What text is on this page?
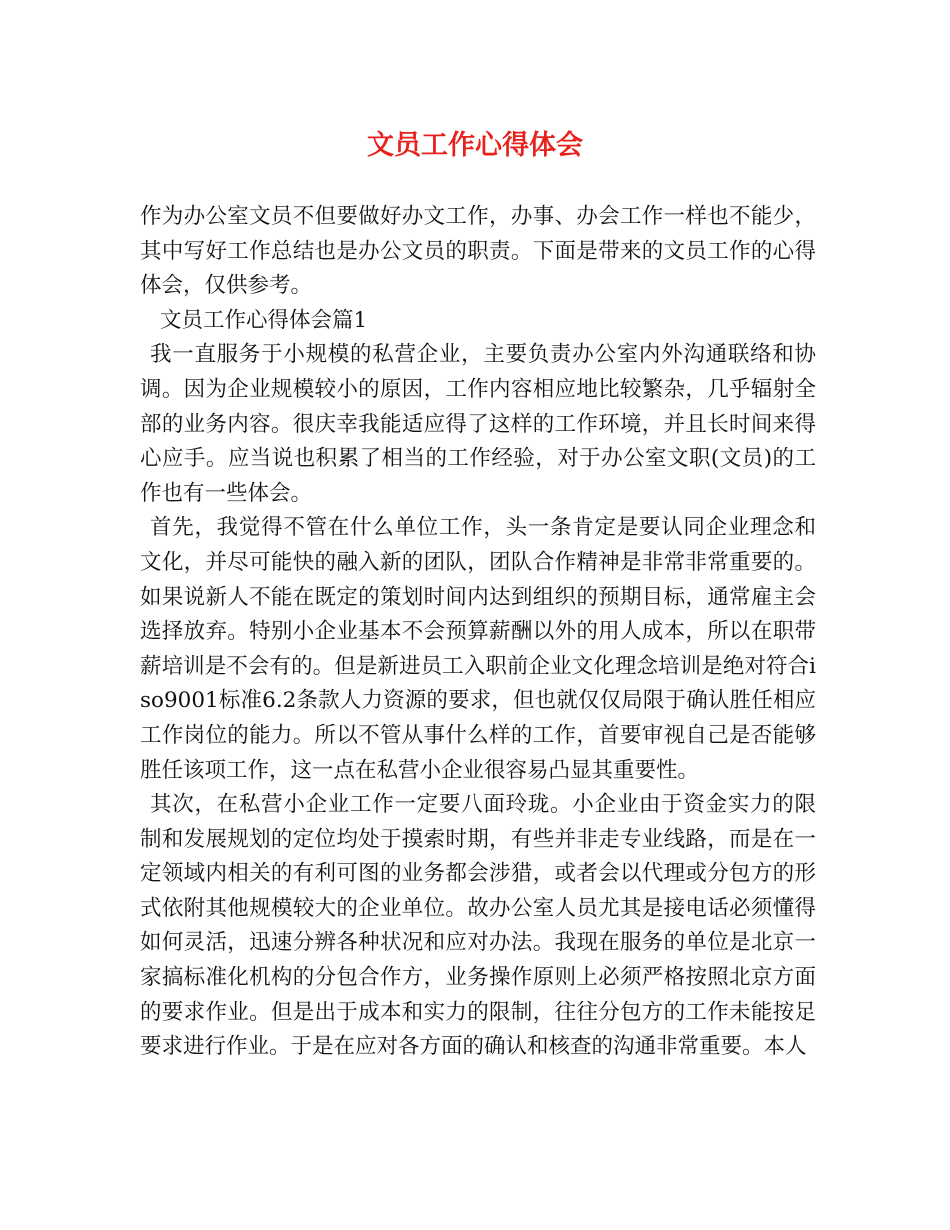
文员工作心得体会

作为办公室文员不但要做好办文工作，办事、办会工作一样也不能少，其中写好工作总结也是办公文员的职责。下面是带来的文员工作的心得体会，仅供参考。

文员工作心得体会篇1

我一直服务于小规模的私营企业，主要负责办公室内外沟通联络和协调。因为企业规模较小的原因，工作内容相应地比较繁杂，几乎辐射全部的业务内容。很庆幸我能适应得了这样的工作环境，并且长时间来得心应手。应当说也积累了相当的工作经验，对于办公室文职(文员)的工作也有一些体会。

首先，我觉得不管在什么单位工作，头一条肯定是要认同企业理念和文化，并尽可能快的融入新的团队，团队合作精神是非常非常重要的。如果说新人不能在既定的策划时间内达到组织的预期目标，通常雇主会选择放弃。特别小企业基本不会预算薪酬以外的用人成本，所以在职带薪培训是不会有的。但是新进员工入职前企业文化理念培训是绝对符合iso9001标准6.2条款人力资源的要求，但也就仅仅局限于确认胜任相应工作岗位的能力。所以不管从事什么样的工作，首要审视自己是否能够胜任该项工作，这一点在私营小企业很容易凸显其重要性。

其次，在私营小企业工作一定要八面玲珑。小企业由于资金实力的限制和发展规划的定位均处于摸索时期，有些并非走专业线路，而是在一定领域内相关的有利可图的业务都会涉猎，或者会以代理或分包方的形式依附其他规模较大的企业单位。故办公室人员尤其是接电话必须懂得如何灵活，迅速分辨各种状况和应对办法。我现在服务的单位是北京一家搞标准化机构的分包合作方，业务操作原则上必须严格按照北京方面的要求作业。但是出于成本和实力的限制，往往分包方的工作未能按足要求进行作业。于是在应对各方面的确认和核查的沟通非常重要。本人
